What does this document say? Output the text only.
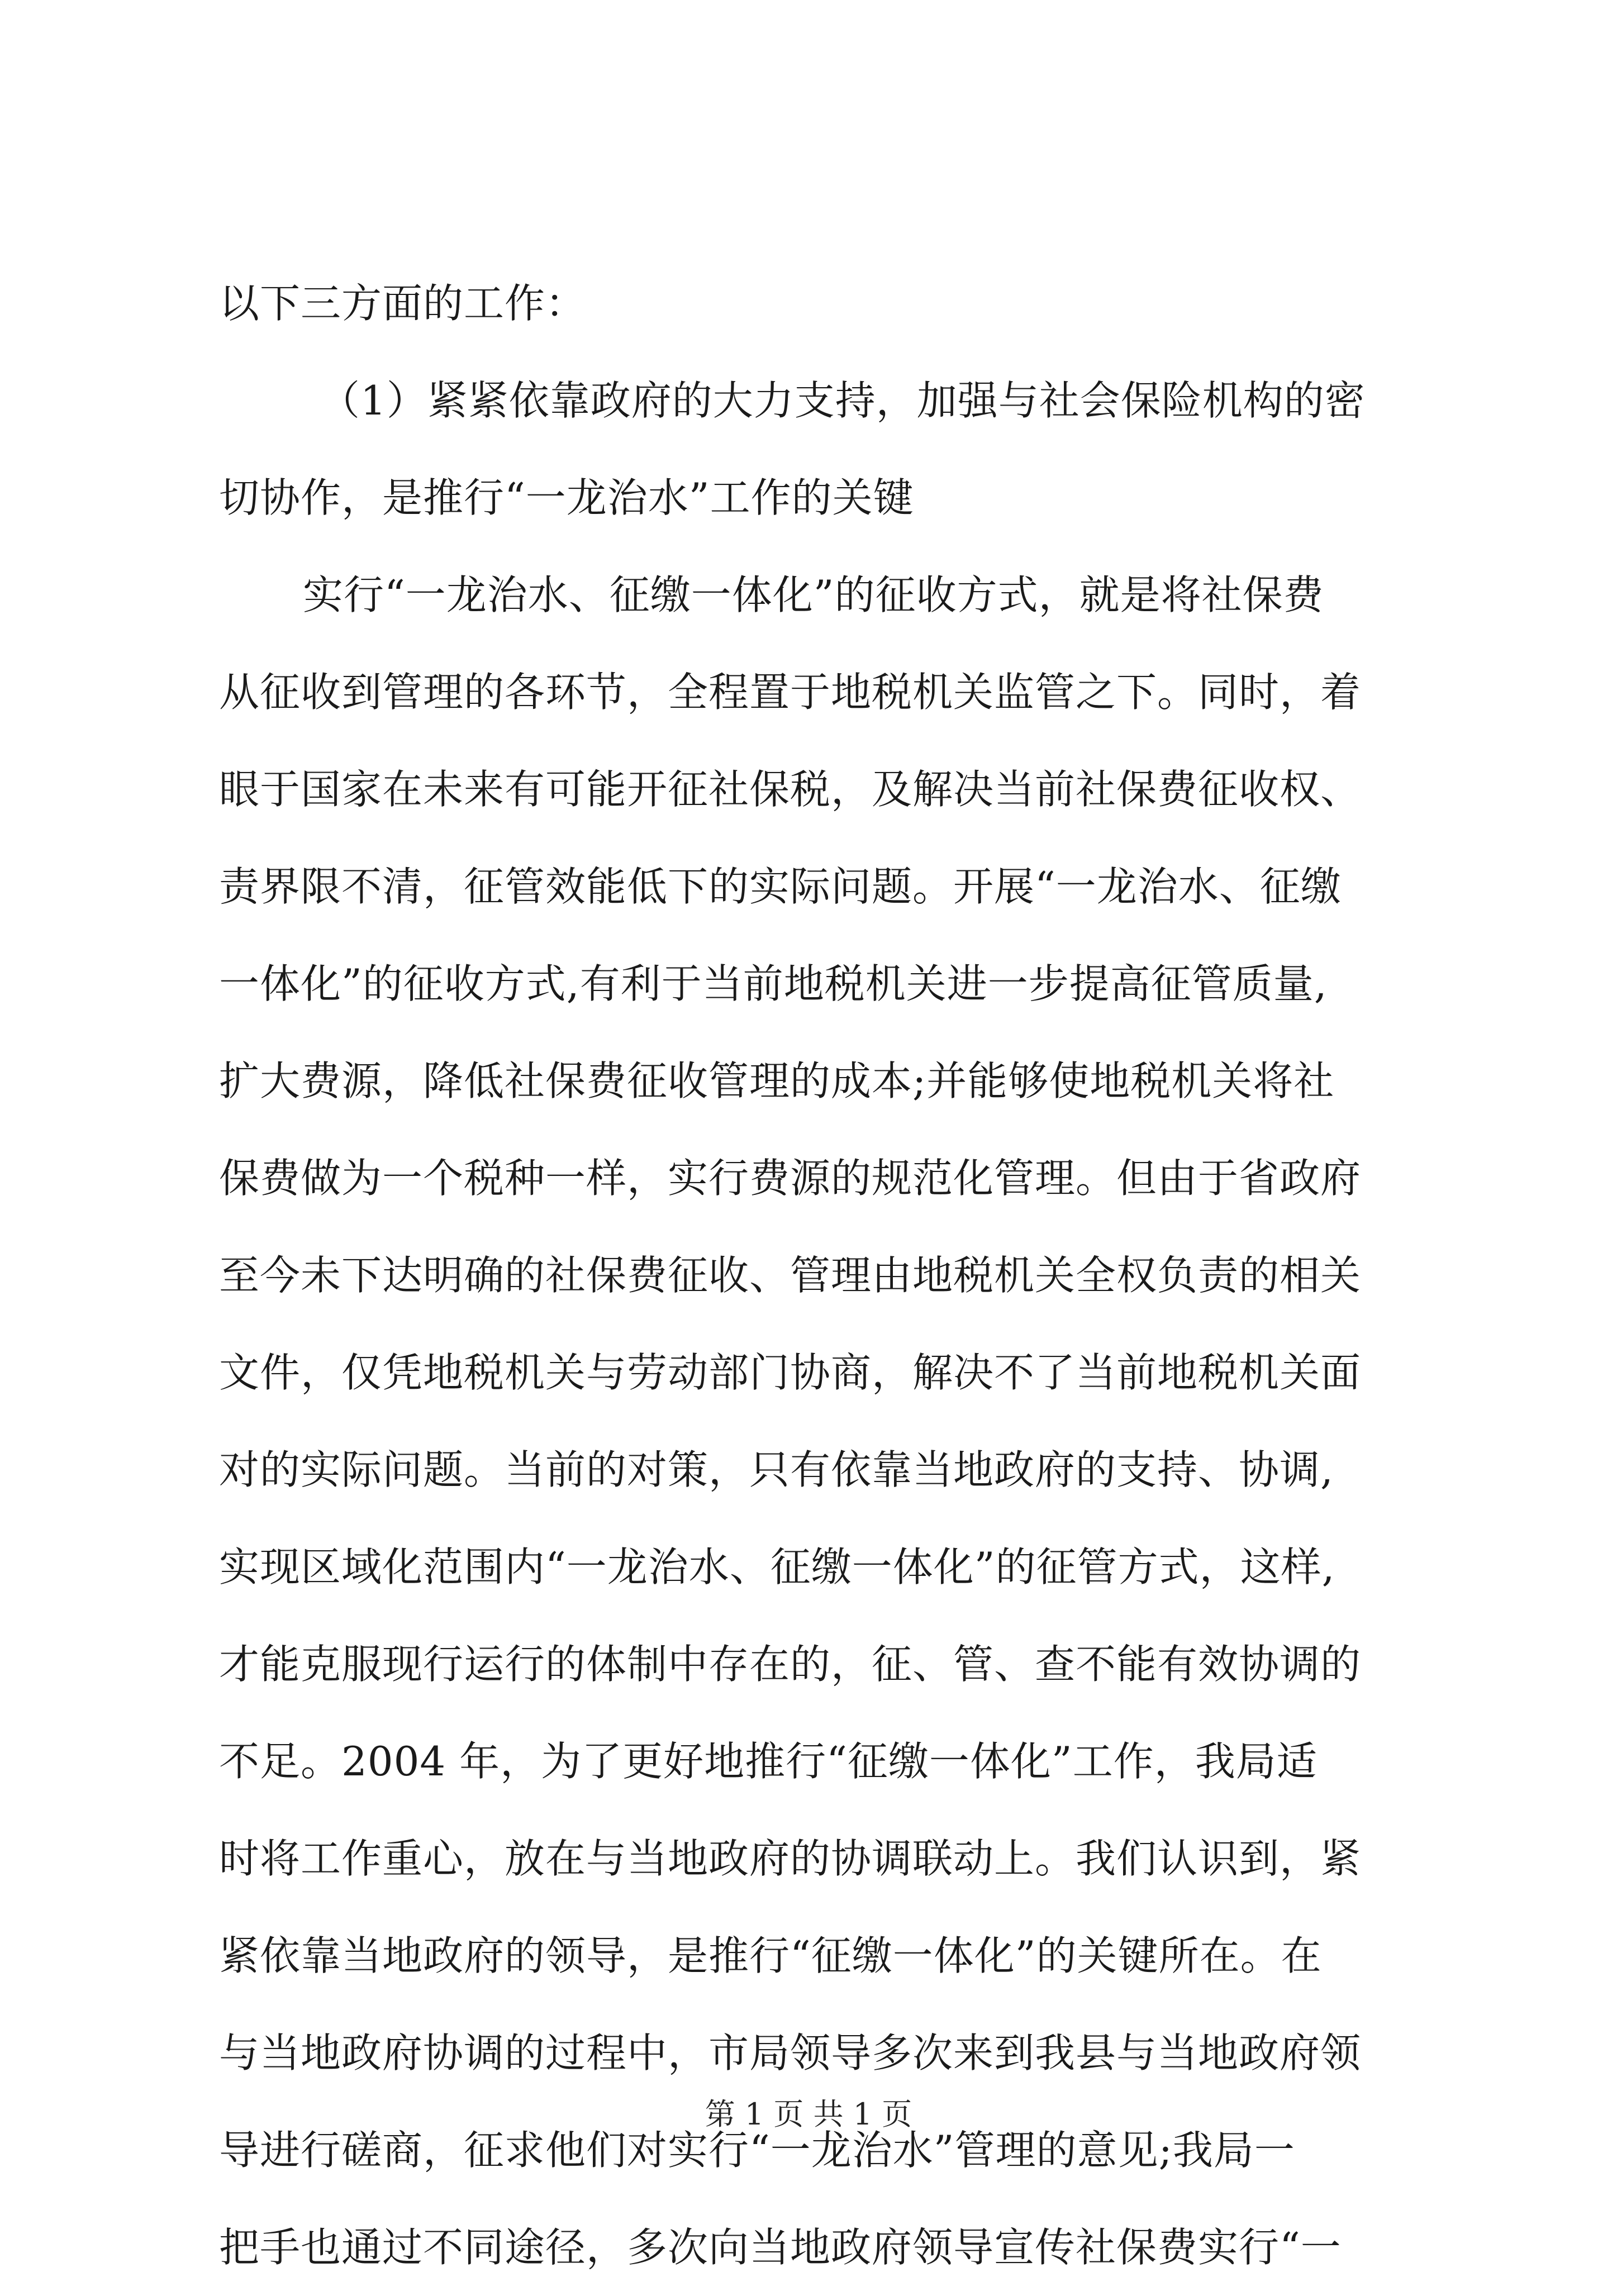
以下三方面的工作：
（1）紧紧依靠政府的大力支持，加强与社会保险机构的密
切协作，是推行“一龙治水”工作的关键
实行“一龙治水、征缴一体化”的征收方式，就是将社保费
从征收到管理的各环节，全程置于地税机关监管之下。同时，着
眼于国家在未来有可能开征社保税，及解决当前社保费征收权、
责界限不清，征管效能低下的实际问题。开展“一龙治水、征缴
一体化”的征收方式,有利于当前地税机关进一步提高征管质量,
扩大费源，降低社保费征收管理的成本;并能够使地税机关将社
保费做为一个税种一样，实行费源的规范化管理。但由于省政府
至今未下达明确的社保费征收、管理由地税机关全权负责的相关
文件，仅凭地税机关与劳动部门协商，解决不了当前地税机关面
对的实际问题。当前的对策，只有依靠当地政府的支持、协调,
实现区域化范围内“一龙治水、征缴一体化”的征管方式，这样,
才能克服现行运行的体制中存在的，征、管、查不能有效协调的
不足。2004 年，为了更好地推行“征缴一体化”工作，我局适
时将工作重心，放在与当地政府的协调联动上。我们认识到，紧
紧依靠当地政府的领导，是推行“征缴一体化”的关键所在。在
与当地政府协调的过程中，市局领导多次来到我县与当地政府领
导进行磋商，征求他们对实行“一龙治水”管理的意见;我局一
把手也通过不同途径，多次向当地政府领导宣传社保费实行“一
第 1 页 共 1 页
